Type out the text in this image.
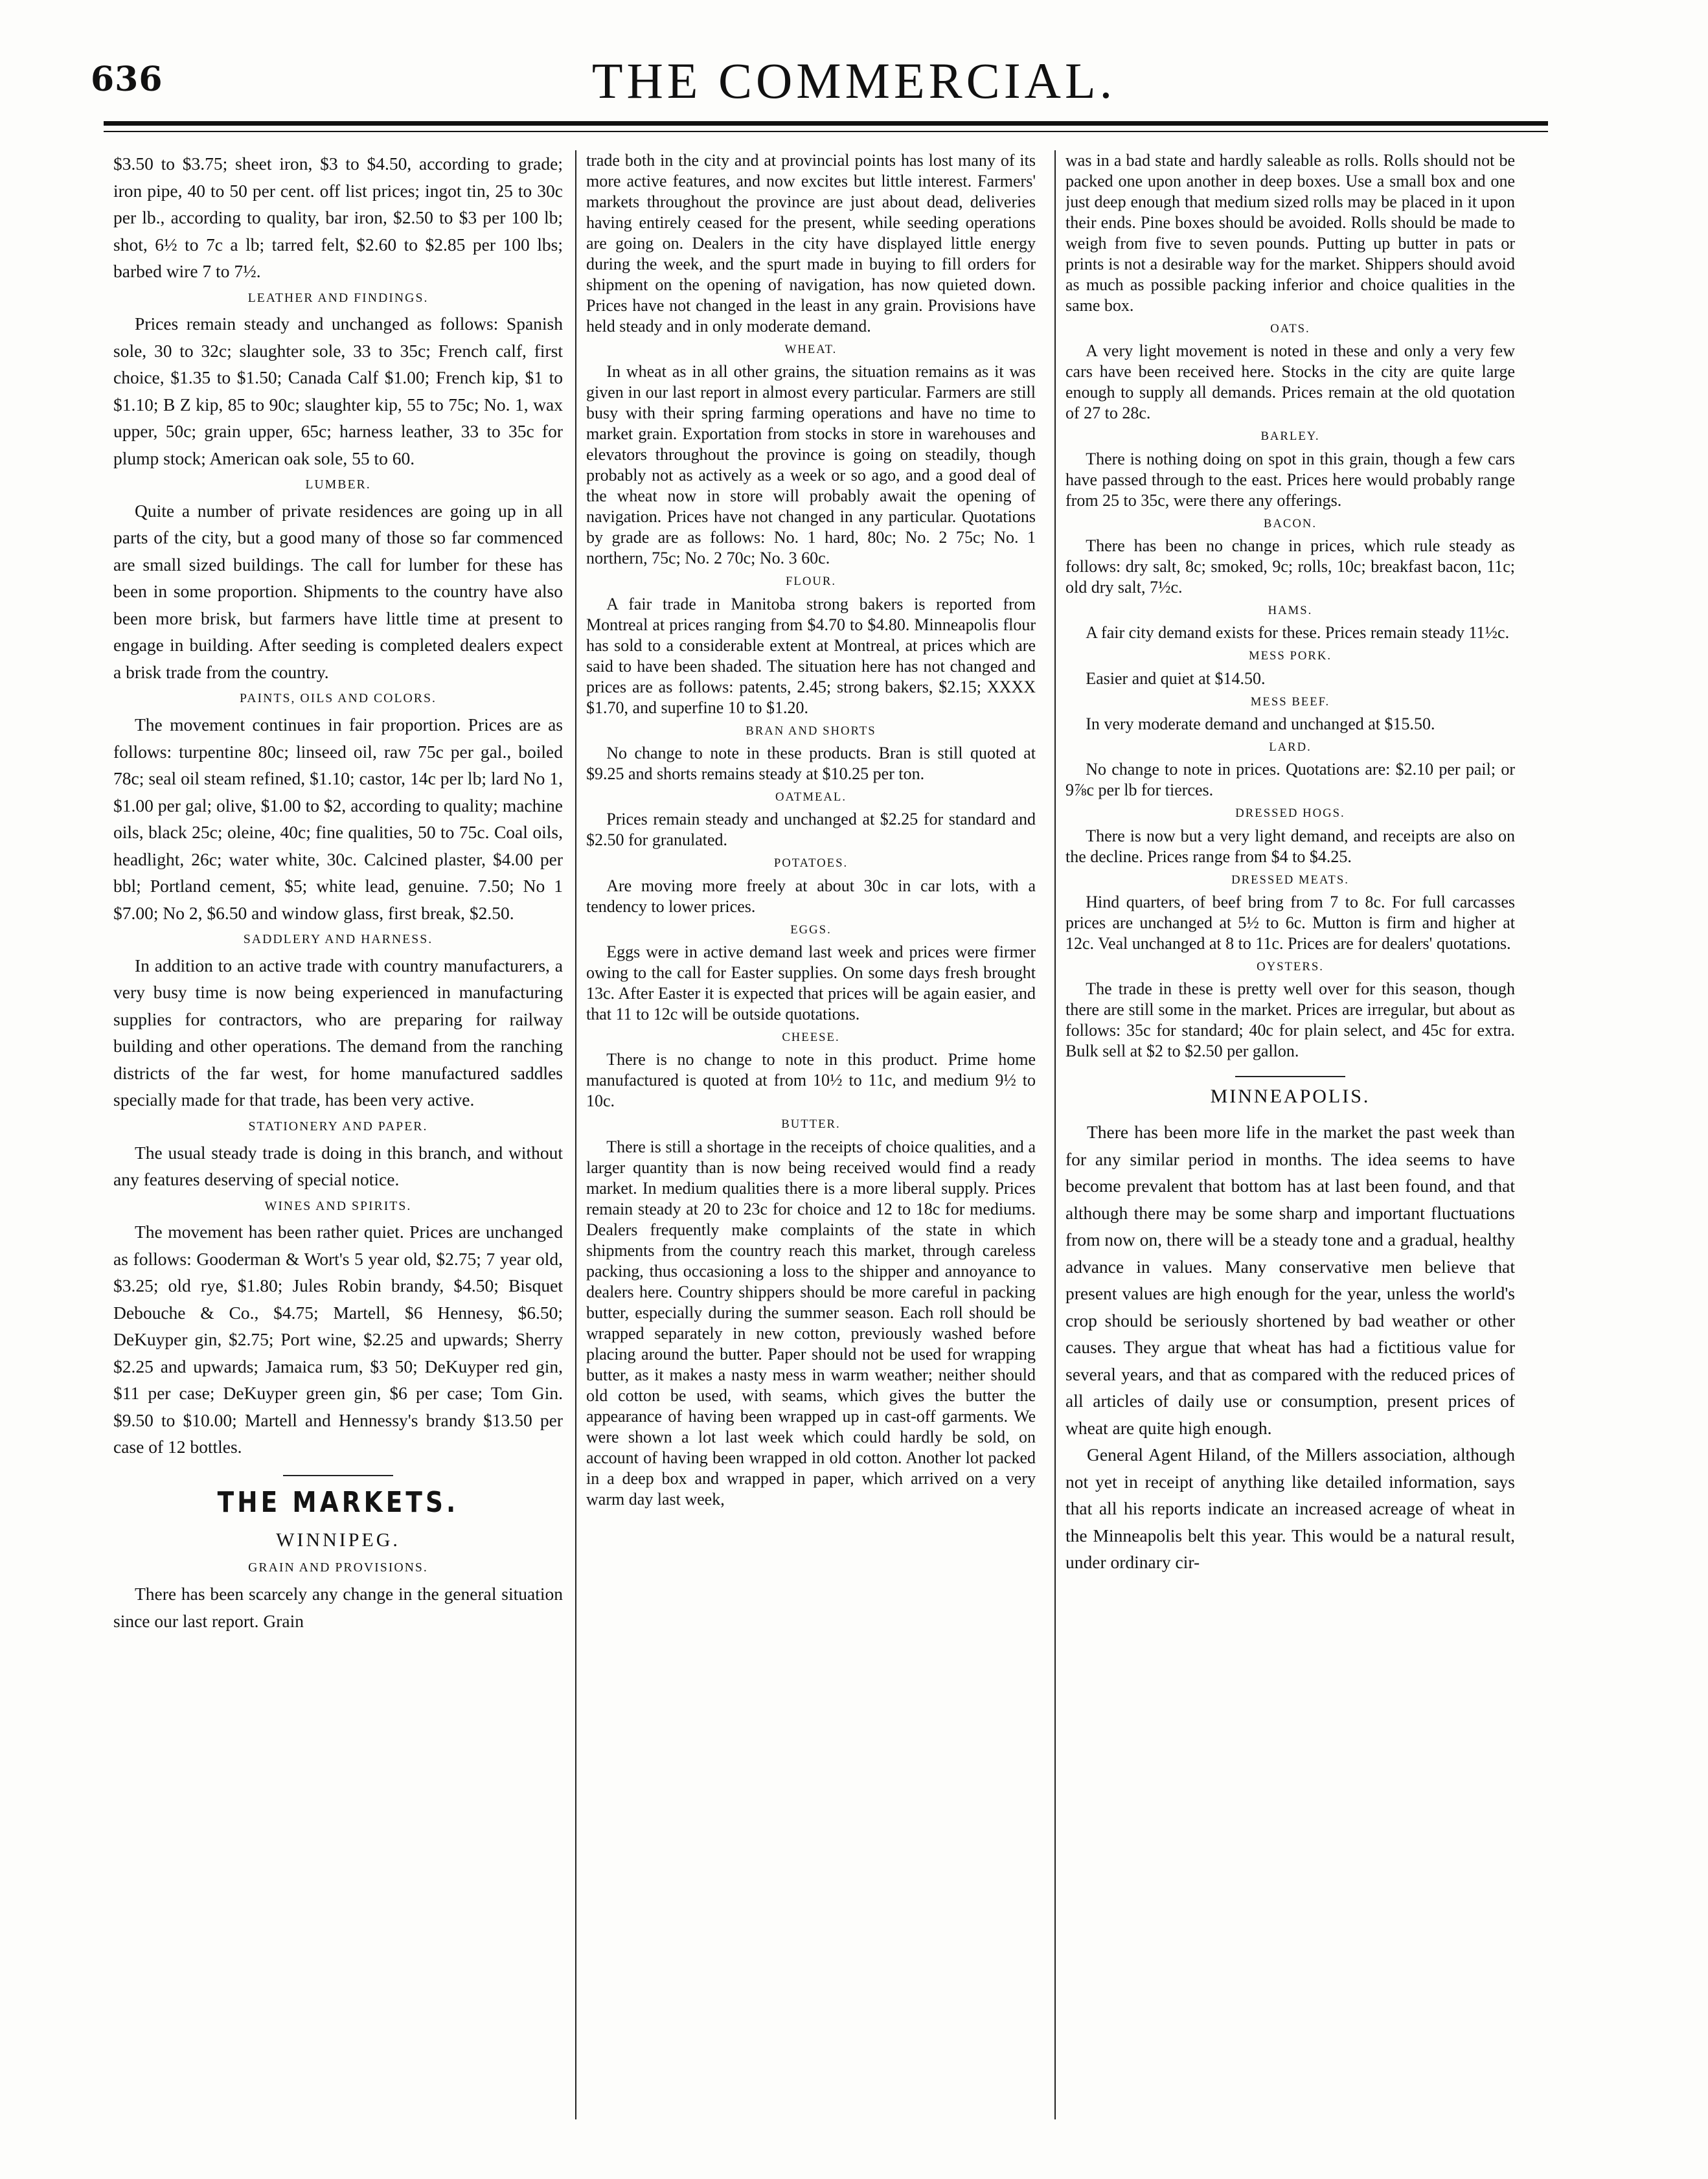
636	THE COMMERCIAL.

$3.50 to $3.75; sheet iron, $3 to $4.50, according to grade; iron pipe, 40 to 50 per cent. off list prices; ingot tin, 25 to 30c per lb., according to quality, bar iron, $2.50 to $3 per 100 lb; shot, 6½ to 7c a lb; tarred felt, $2.60 to $2.85 per 100 lbs; barbed wire 7 to 7½.

LEATHER AND FINDINGS.

Prices remain steady and unchanged as follows: Spanish sole, 30 to 32c; slaughter sole, 33 to 35c; French calf, first choice, $1.35 to $1.50; Canada Calf $1.00; French kip, $1 to $1.10; B Z kip, 85 to 90c; slaughter kip, 55 to 75c; No. 1, wax upper, 50c; grain upper, 65c; harness leather, 33 to 35c for plump stock; American oak sole, 55 to 60.

LUMBER.

Quite a number of private residences are going up in all parts of the city, but a good many of those so far commenced are small sized buildings. The call for lumber for these has been in some proportion. Shipments to the country have also been more brisk, but farmers have little time at present to engage in building. After seeding is completed dealers expect a brisk trade from the country.

PAINTS, OILS AND COLORS.

The movement continues in fair proportion. Prices are as follows: turpentine 80c; linseed oil, raw 75c per gal., boiled 78c; seal oil steam refined, $1.10; castor, 14c per lb; lard No 1, $1.00 per gal; olive, $1.00 to $2, according to quality; machine oils, black 25c; oleine, 40c; fine qualities, 50 to 75c. Coal oils, headlight, 26c; water white, 30c. Calcined plaster, $4.00 per bbl; Portland cement, $5; white lead, genuine. 7.50; No 1 $7.00; No 2, $6.50 and window glass, first break, $2.50.

SADDLERY AND HARNESS.

In addition to an active trade with country manufacturers, a very busy time is now being experienced in manufacturing supplies for contractors, who are preparing for railway building and other operations. The demand from the ranching districts of the far west, for home manufactured saddles specially made for that trade, has been very active.

STATIONERY AND PAPER.

The usual steady trade is doing in this branch, and without any features deserving of special notice.

WINES AND SPIRITS.

The movement has been rather quiet. Prices are unchanged as follows: Gooderman & Wort's 5 year old, $2.75; 7 year old, $3.25; old rye, $1.80; Jules Robin brandy, $4.50; Bisquet Debouche & Co., $4.75; Martell, $6 Hennesy, $6.50; DeKuyper gin, $2.75; Port wine, $2.25 and upwards; Sherry $2.25 and upwards; Jamaica rum, $3 50; DeKuyper red gin, $11 per case; DeKuyper green gin, $6 per case; Tom Gin. $9.50 to $10.00; Martell and Hennessy's brandy $13.50 per case of 12 bottles.

THE MARKETS.
WINNIPEG.
GRAIN AND PROVISIONS.

There has been scarcely any change in the general situation since our last report. Grain

trade both in the city and at provincial points has lost many of its more active features, and now excites but little interest. Farmers' markets throughout the province are just about dead, deliveries having entirely ceased for the present, while seeding operations are going on. Dealers in the city have displayed little energy during the week, and the spurt made in buying to fill orders for shipment on the opening of navigation, has now quieted down. Prices have not changed in the least in any grain. Provisions have held steady and in only moderate demand.

WHEAT.

In wheat as in all other grains, the situation remains as it was given in our last report in almost every particular. Farmers are still busy with their spring farming operations and have no time to market grain. Exportation from stocks in store in warehouses and elevators throughout the province is going on steadily, though probably not as actively as a week or so ago, and a good deal of the wheat now in store will probably await the opening of navigation. Prices have not changed in any particular. Quotations by grade are as follows: No. 1 hard, 80c; No. 2 75c; No. 1 northern, 75c; No. 2 70c; No. 3 60c.

FLOUR.

A fair trade in Manitoba strong bakers is reported from Montreal at prices ranging from $4.70 to $4.80. Minneapolis flour has sold to a considerable extent at Montreal, at prices which are said to have been shaded. The situation here has not changed and prices are as follows: patents, 2.45; strong bakers, $2.15; XXXX $1.70, and superfine 10 to $1.20.

BRAN AND SHORTS

No change to note in these products. Bran is still quoted at $9.25 and shorts remains steady at $10.25 per ton.

OATMEAL.

Prices remain steady and unchanged at $2.25 for standard and $2.50 for granulated.

POTATOES.

Are moving more freely at about 30c in car lots, with a tendency to lower prices.

EGGS.

Eggs were in active demand last week and prices were firmer owing to the call for Easter supplies. On some days fresh brought 13c. After Easter it is expected that prices will be again easier, and that 11 to 12c will be outside quotations.

CHEESE.

There is no change to note in this product. Prime home manufactured is quoted at from 10½ to 11c, and medium 9½ to 10c.

BUTTER.

There is still a shortage in the receipts of choice qualities, and a larger quantity than is now being received would find a ready market. In medium qualities there is a more liberal supply. Prices remain steady at 20 to 23c for choice and 12 to 18c for mediums. Dealers frequently make complaints of the state in which shipments from the country reach this market, through careless packing, thus occasioning a loss to the shipper and annoyance to dealers here. Country shippers should be more careful in packing butter, especially during the summer season. Each roll should be wrapped separately in new cotton, previously washed before placing around the butter. Paper should not be used for wrapping butter, as it makes a nasty mess in warm weather; neither should old cotton be used, with seams, which gives the butter the appearance of having been wrapped up in cast-off garments. We were shown a lot last week which could hardly be sold, on account of having been wrapped in old cotton. Another lot packed in a deep box and wrapped in paper, which arrived on a very warm day last week,

was in a bad state and hardly saleable as rolls. Rolls should not be packed one upon another in deep boxes. Use a small box and one just deep enough that medium sized rolls may be placed in it upon their ends. Pine boxes should be avoided. Rolls should be made to weigh from five to seven pounds. Putting up butter in pats or prints is not a desirable way for the market. Shippers should avoid as much as possible packing inferior and choice qualities in the same box.

OATS.

A very light movement is noted in these and only a very few cars have been received here. Stocks in the city are quite large enough to supply all demands. Prices remain at the old quotation of 27 to 28c.

BARLEY.

There is nothing doing on spot in this grain, though a few cars have passed through to the east. Prices here would probably range from 25 to 35c, were there any offerings.

BACON.

There has been no change in prices, which rule steady as follows: dry salt, 8c; smoked, 9c; rolls, 10c; breakfast bacon, 11c; old dry salt, 7½c.

HAMS.

A fair city demand exists for these. Prices remain steady 11½c.

MESS PORK.

Easier and quiet at $14.50.

MESS BEEF.

In very moderate demand and unchanged at $15.50.

LARD.

No change to note in prices. Quotations are: $2.10 per pail; or 9⅞c per lb for tierces.

DRESSED HOGS.

There is now but a very light demand, and receipts are also on the decline. Prices range from $4 to $4.25.

DRESSED MEATS.

Hind quarters, of beef bring from 7 to 8c. For full carcasses prices are unchanged at 5½ to 6c. Mutton is firm and higher at 12c. Veal unchanged at 8 to 11c. Prices are for dealers' quotations.

OYSTERS.

The trade in these is pretty well over for this season, though there are still some in the market. Prices are irregular, but about as follows: 35c for standard; 40c for plain select, and 45c for extra. Bulk sell at $2 to $2.50 per gallon.

MINNEAPOLIS.

There has been more life in the market the past week than for any similar period in months. The idea seems to have become prevalent that bottom has at last been found, and that although there may be some sharp and important fluctuations from now on, there will be a steady tone and a gradual, healthy advance in values. Many conservative men believe that present values are high enough for the year, unless the world's crop should be seriously shortened by bad weather or other causes. They argue that wheat has had a fictitious value for several years, and that as compared with the reduced prices of all articles of daily use or consumption, present prices of wheat are quite high enough.

General Agent Hiland, of the Millers association, although not yet in receipt of anything like detailed information, says that all his reports indicate an increased acreage of wheat in the Minneapolis belt this year. This would be a natural result, under ordinary cir-
